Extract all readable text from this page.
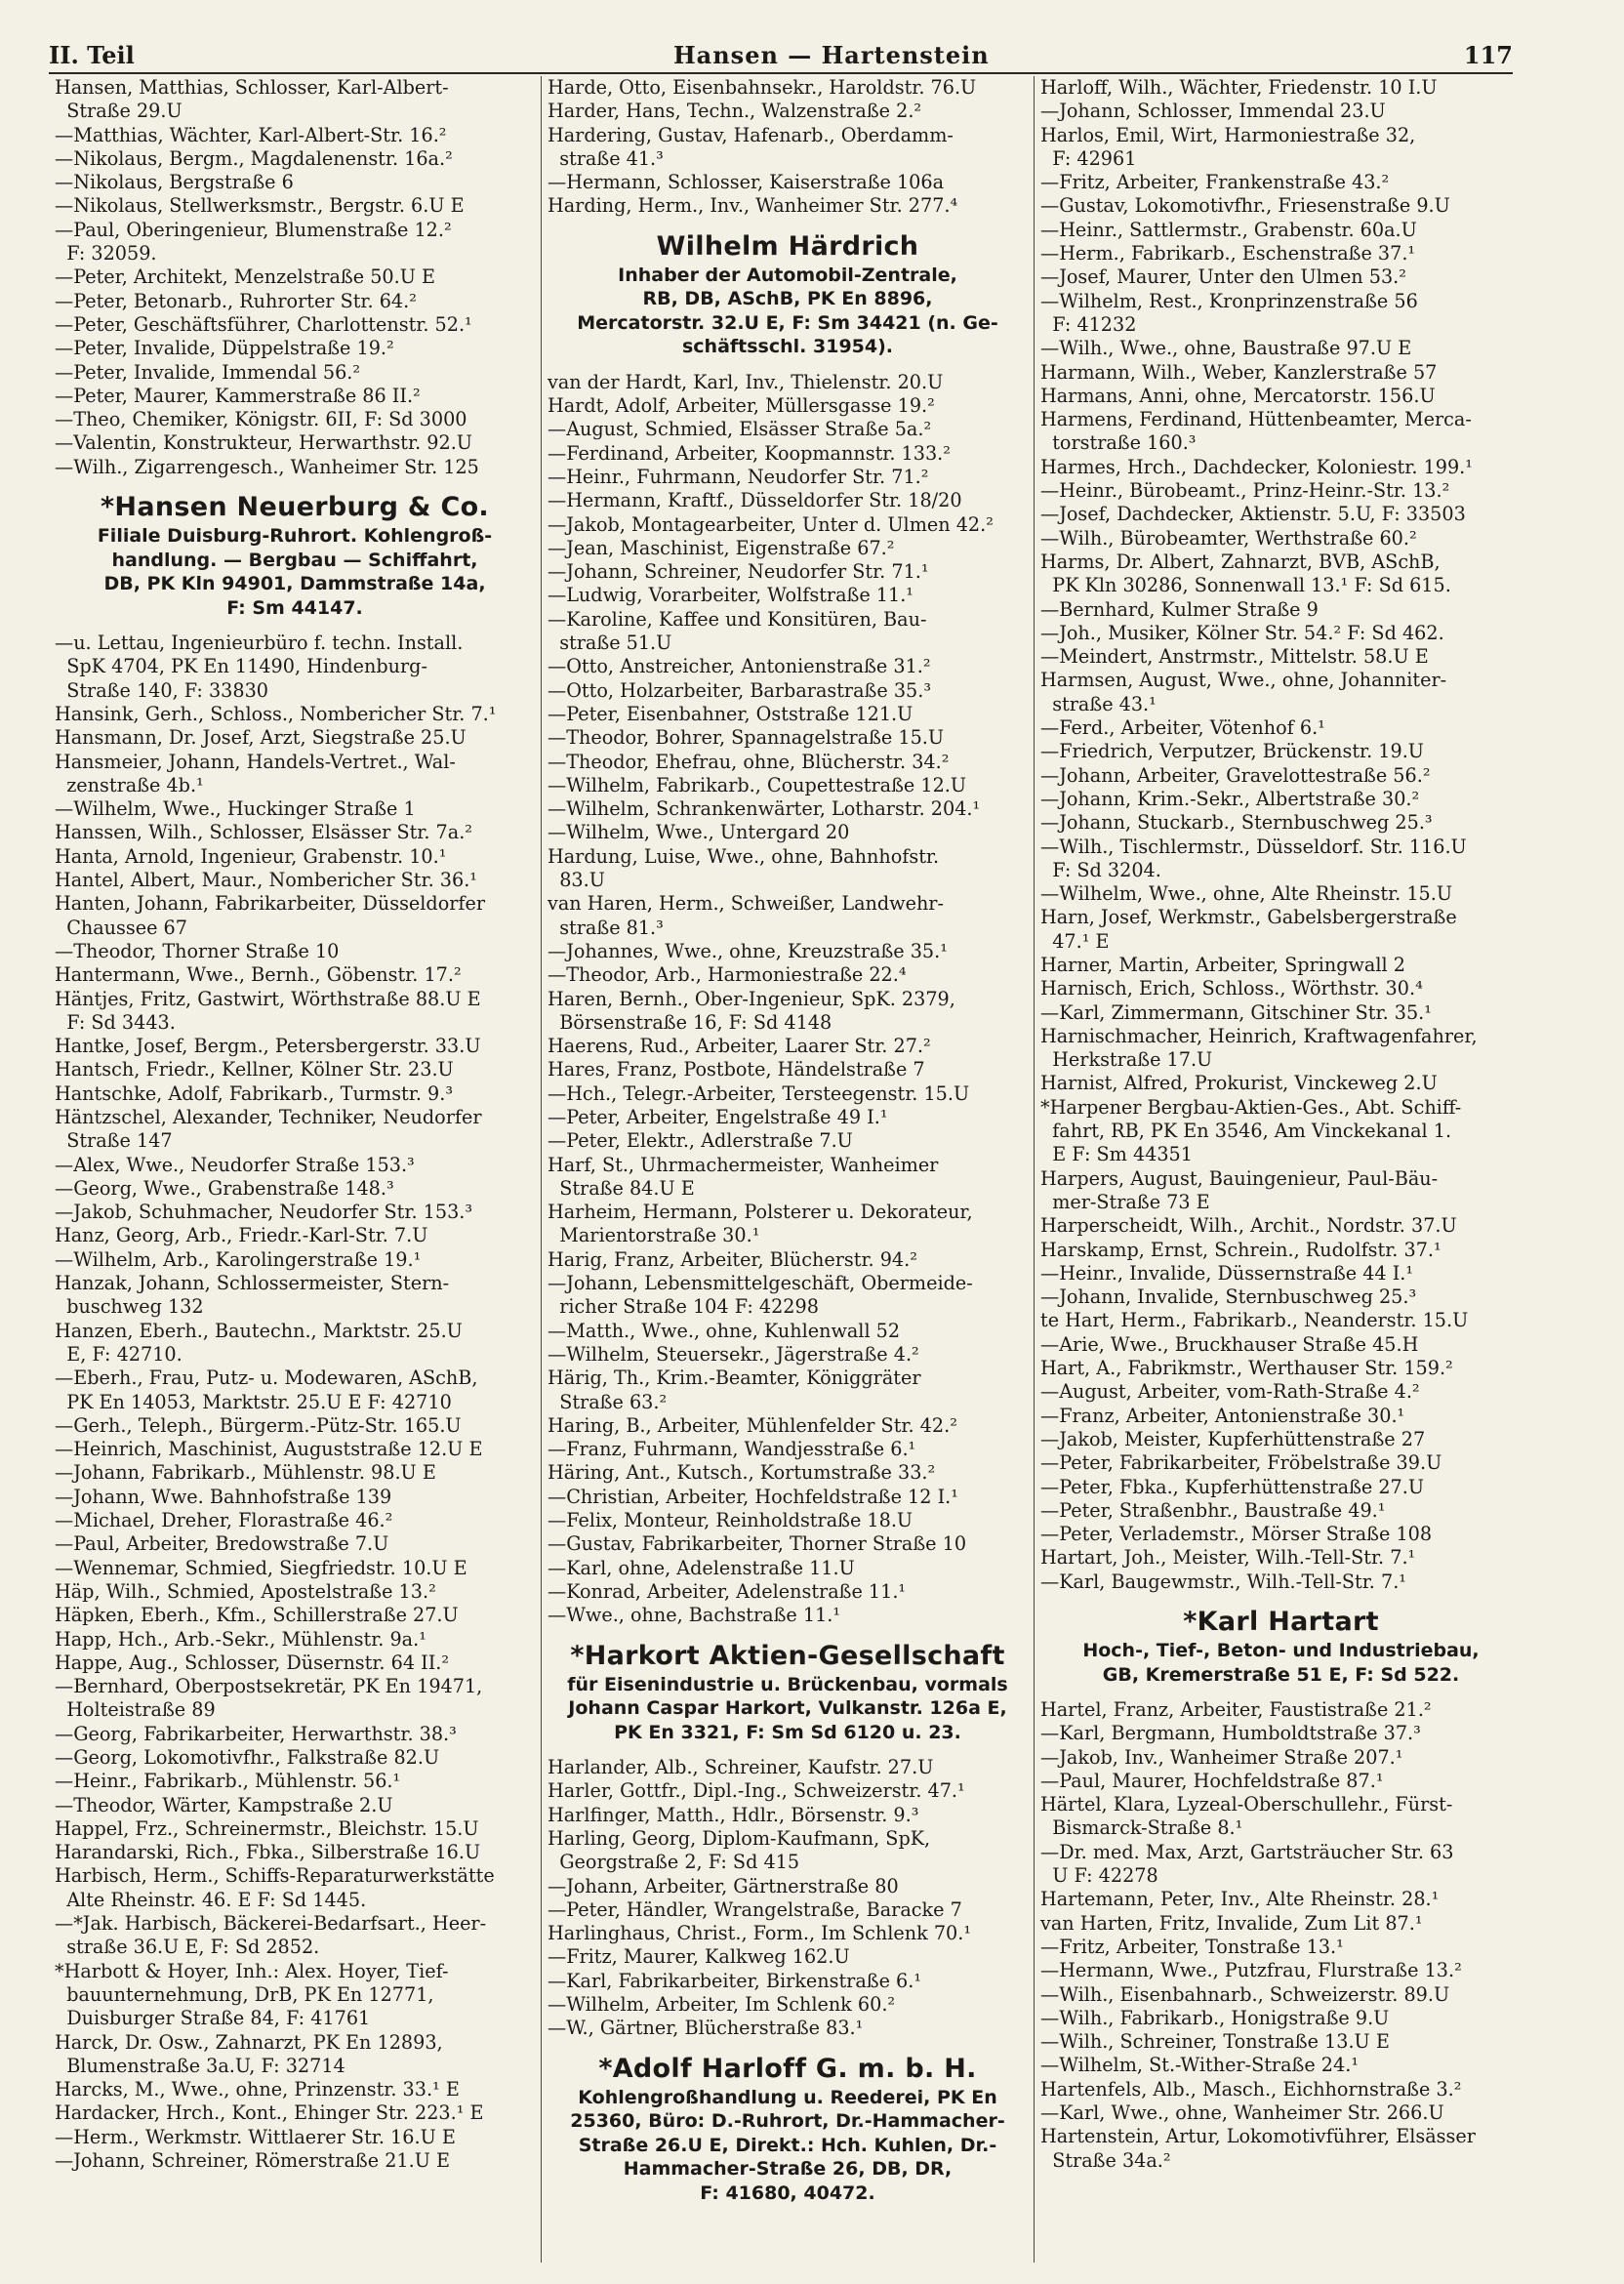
II. Teil	Hansen — Hartenstein	117
Hansen, Matthias, Schlosser, Karl-Albert-
Straße 29.U
—Matthias, Wächter, Karl-Albert-Str. 16.²
—Nikolaus, Bergm., Magdalenenstr. 16a.²
—Nikolaus, Bergstraße 6
—Nikolaus, Stellwerksmstr., Bergstr. 6.U E
—Paul, Oberingenieur, Blumenstraße 12.²
F: 32059.
—Peter, Architekt, Menzelstraße 50.U E
—Peter, Betonarb., Ruhrorter Str. 64.²
—Peter, Geschäftsführer, Charlottenstr. 52.¹
—Peter, Invalide, Düppelstraße 19.²
—Peter, Invalide, Immendal 56.²
—Peter, Maurer, Kammerstraße 86 II.²
—Theo, Chemiker, Königstr. 6II, F: Sd 3000
—Valentin, Konstrukteur, Herwarthstr. 92.U
—Wilh., Zigarrengesch., Wanheimer Str. 125
*Hansen Neuerburg & Co.
Filiale Duisburg-Ruhrort. Kohlengroß-
handlung. — Bergbau — Schiffahrt,
DB, PK Kln 94901, Dammstraße 14a,
F: Sm 44147.
—u. Lettau, Ingenieurbüro f. techn. Install.
SpK 4704, PK En 11490, Hindenburg-
Straße 140, F: 33830
Hansink, Gerh., Schloss., Nombericher Str. 7.¹
Hansmann, Dr. Josef, Arzt, Siegstraße 25.U
Hansmeier, Johann, Handels-Vertret., Wal-
zenstraße 4b.¹
—Wilhelm, Wwe., Huckinger Straße 1
Hanssen, Wilh., Schlosser, Elsässer Str. 7a.²
Hanta, Arnold, Ingenieur, Grabenstr. 10.¹
Hantel, Albert, Maur., Nombericher Str. 36.¹
Hanten, Johann, Fabrikarbeiter, Düsseldorfer
Chaussee 67
—Theodor, Thorner Straße 10
Hantermann, Wwe., Bernh., Göbenstr. 17.²
Häntjes, Fritz, Gastwirt, Wörthstraße 88.U E
F: Sd 3443.
Hantke, Josef, Bergm., Petersbergerstr. 33.U
Hantsch, Friedr., Kellner, Kölner Str. 23.U
Hantschke, Adolf, Fabrikarb., Turmstr. 9.³
Häntzschel, Alexander, Techniker, Neudorfer
Straße 147
—Alex, Wwe., Neudorfer Straße 153.³
—Georg, Wwe., Grabenstraße 148.³
—Jakob, Schuhmacher, Neudorfer Str. 153.³
Hanz, Georg, Arb., Friedr.-Karl-Str. 7.U
—Wilhelm, Arb., Karolingerstraße 19.¹
Hanzak, Johann, Schlossermeister, Stern-
buschweg 132
Hanzen, Eberh., Bautechn., Marktstr. 25.U
E, F: 42710.
—Eberh., Frau, Putz- u. Modewaren, ASchB,
PK En 14053, Marktstr. 25.U E F: 42710
—Gerh., Teleph., Bürgerm.-Pütz-Str. 165.U
—Heinrich, Maschinist, Auguststraße 12.U E
—Johann, Fabrikarb., Mühlenstr. 98.U E
—Johann, Wwe. Bahnhofstraße 139
—Michael, Dreher, Florastraße 46.²
—Paul, Arbeiter, Bredowstraße 7.U
—Wennemar, Schmied, Siegfriedstr. 10.U E
Häp, Wilh., Schmied, Apostelstraße 13.²
Häpken, Eberh., Kfm., Schillerstraße 27.U
Happ, Hch., Arb.-Sekr., Mühlenstr. 9a.¹
Happe, Aug., Schlosser, Düsernstr. 64 II.²
—Bernhard, Oberpostsekretär, PK En 19471,
Holteistraße 89
—Georg, Fabrikarbeiter, Herwarthstr. 38.³
—Georg, Lokomotivfhr., Falkstraße 82.U
—Heinr., Fabrikarb., Mühlenstr. 56.¹
—Theodor, Wärter, Kampstraße 2.U
Happel, Frz., Schreinermstr., Bleichstr. 15.U
Harandarski, Rich., Fbka., Silberstraße 16.U
Harbisch, Herm., Schiffs-Reparaturwerkstätte
Alte Rheinstr. 46. E F: Sd 1445.
—*Jak. Harbisch, Bäckerei-Bedarfsart., Heer-
straße 36.U E, F: Sd 2852.
*Harbott & Hoyer, Inh.: Alex. Hoyer, Tief-
bauunternehmung, DrB, PK En 12771,
Duisburger Straße 84, F: 41761
Harck, Dr. Osw., Zahnarzt, PK En 12893,
Blumenstraße 3a.U, F: 32714
Harcks, M., Wwe., ohne, Prinzenstr. 33.¹ E
Hardacker, Hrch., Kont., Ehinger Str. 223.¹ E
—Herm., Werkmstr. Wittlaerer Str. 16.U E
—Johann, Schreiner, Römerstraße 21.U E
Harde, Otto, Eisenbahnsekr., Haroldstr. 76.U
Harder, Hans, Techn., Walzenstraße 2.²
Hardering, Gustav, Hafenarb., Oberdamm-
straße 41.³
—Hermann, Schlosser, Kaiserstraße 106a
Harding, Herm., Inv., Wanheimer Str. 277.⁴
Wilhelm Härdrich
Inhaber der Automobil-Zentrale,
RB, DB, ASchB, PK En 8896,
Mercatorstr. 32.U E, F: Sm 34421 (n. Ge-
schäftsschl. 31954).
van der Hardt, Karl, Inv., Thielenstr. 20.U
Hardt, Adolf, Arbeiter, Müllersgasse 19.²
—August, Schmied, Elsässer Straße 5a.²
—Ferdinand, Arbeiter, Koopmannstr. 133.²
—Heinr., Fuhrmann, Neudorfer Str. 71.²
—Hermann, Kraftf., Düsseldorfer Str. 18/20
—Jakob, Montagearbeiter, Unter d. Ulmen 42.²
—Jean, Maschinist, Eigenstraße 67.²
—Johann, Schreiner, Neudorfer Str. 71.¹
—Ludwig, Vorarbeiter, Wolfstraße 11.¹
—Karoline, Kaffee und Konsitüren, Bau-
straße 51.U
—Otto, Anstreicher, Antonienstraße 31.²
—Otto, Holzarbeiter, Barbarastraße 35.³
—Peter, Eisenbahner, Oststraße 121.U
—Theodor, Bohrer, Spannagelstraße 15.U
—Theodor, Ehefrau, ohne, Blücherstr. 34.²
—Wilhelm, Fabrikarb., Coupettestraße 12.U
—Wilhelm, Schrankenwärter, Lotharstr. 204.¹
—Wilhelm, Wwe., Untergard 20
Hardung, Luise, Wwe., ohne, Bahnhofstr.
83.U
van Haren, Herm., Schweißer, Landwehr-
straße 81.³
—Johannes, Wwe., ohne, Kreuzstraße 35.¹
—Theodor, Arb., Harmoniestraße 22.⁴
Haren, Bernh., Ober-Ingenieur, SpK. 2379,
Börsenstraße 16, F: Sd 4148
Haerens, Rud., Arbeiter, Laarer Str. 27.²
Hares, Franz, Postbote, Händelstraße 7
—Hch., Telegr.-Arbeiter, Tersteegenstr. 15.U
—Peter, Arbeiter, Engelstraße 49 I.¹
—Peter, Elektr., Adlerstraße 7.U
Harf, St., Uhrmachermeister, Wanheimer
Straße 84.U E
Harheim, Hermann, Polsterer u. Dekorateur,
Marientorstraße 30.¹
Harig, Franz, Arbeiter, Blücherstr. 94.²
—Johann, Lebensmittelgeschäft, Obermeide-
richer Straße 104 F: 42298
—Matth., Wwe., ohne, Kuhlenwall 52
—Wilhelm, Steuersekr., Jägerstraße 4.²
Härig, Th., Krim.-Beamter, Königgräter
Straße 63.²
Haring, B., Arbeiter, Mühlenfelder Str. 42.²
—Franz, Fuhrmann, Wandjesstraße 6.¹
Häring, Ant., Kutsch., Kortumstraße 33.²
—Christian, Arbeiter, Hochfeldstraße 12 I.¹
—Felix, Monteur, Reinholdstraße 18.U
—Gustav, Fabrikarbeiter, Thorner Straße 10
—Karl, ohne, Adelenstraße 11.U
—Konrad, Arbeiter, Adelenstraße 11.¹
—Wwe., ohne, Bachstraße 11.¹
*Harkort Aktien-Gesellschaft
für Eisenindustrie u. Brückenbau, vormals
Johann Caspar Harkort, Vulkanstr. 126a E,
PK En 3321, F: Sm Sd 6120 u. 23.
Harlander, Alb., Schreiner, Kaufstr. 27.U
Harler, Gottfr., Dipl.-Ing., Schweizerstr. 47.¹
Harlfinger, Matth., Hdlr., Börsenstr. 9.³
Harling, Georg, Diplom-Kaufmann, SpK,
Georgstraße 2, F: Sd 415
—Johann, Arbeiter, Gärtnerstraße 80
—Peter, Händler, Wrangelstraße, Baracke 7
Harlinghaus, Christ., Form., Im Schlenk 70.¹
—Fritz, Maurer, Kalkweg 162.U
—Karl, Fabrikarbeiter, Birkenstraße 6.¹
—Wilhelm, Arbeiter, Im Schlenk 60.²
—W., Gärtner, Blücherstraße 83.¹
*Adolf Harloff G. m. b. H.
Kohlengroßhandlung u. Reederei, PK En
25360, Büro: D.-Ruhrort, Dr.-Hammacher-
Straße 26.U E, Direkt.: Hch. Kuhlen, Dr.-
Hammacher-Straße 26, DB, DR,
F: 41680, 40472.
Harloff, Wilh., Wächter, Friedenstr. 10 I.U
—Johann, Schlosser, Immendal 23.U
Harlos, Emil, Wirt, Harmoniestraße 32,
F: 42961
—Fritz, Arbeiter, Frankenstraße 43.²
—Gustav, Lokomotivfhr., Friesenstraße 9.U
—Heinr., Sattlermstr., Grabenstr. 60a.U
—Herm., Fabrikarb., Eschenstraße 37.¹
—Josef, Maurer, Unter den Ulmen 53.²
—Wilhelm, Rest., Kronprinzenstraße 56
F: 41232
—Wilh., Wwe., ohne, Baustraße 97.U E
Harmann, Wilh., Weber, Kanzlerstraße 57
Harmans, Anni, ohne, Mercatorstr. 156.U
Harmens, Ferdinand, Hüttenbeamter, Merca-
torstraße 160.³
Harmes, Hrch., Dachdecker, Koloniestr. 199.¹
—Heinr., Bürobeamt., Prinz-Heinr.-Str. 13.²
—Josef, Dachdecker, Aktienstr. 5.U, F: 33503
—Wilh., Bürobeamter, Werthstraße 60.²
Harms, Dr. Albert, Zahnarzt, BVB, ASchB,
PK Kln 30286, Sonnenwall 13.¹ F: Sd 615.
—Bernhard, Kulmer Straße 9
—Joh., Musiker, Kölner Str. 54.² F: Sd 462.
—Meindert, Anstrmstr., Mittelstr. 58.U E
Harmsen, August, Wwe., ohne, Johanniter-
straße 43.¹
—Ferd., Arbeiter, Vötenhof 6.¹
—Friedrich, Verputzer, Brückenstr. 19.U
—Johann, Arbeiter, Gravelottestraße 56.²
—Johann, Krim.-Sekr., Albertstraße 30.²
—Johann, Stuckarb., Sternbuschweg 25.³
—Wilh., Tischlermstr., Düsseldorf. Str. 116.U
F: Sd 3204.
—Wilhelm, Wwe., ohne, Alte Rheinstr. 15.U
Harn, Josef, Werkmstr., Gabelsbergerstraße
47.¹ E
Harner, Martin, Arbeiter, Springwall 2
Harnisch, Erich, Schloss., Wörthstr. 30.⁴
—Karl, Zimmermann, Gitschiner Str. 35.¹
Harnischmacher, Heinrich, Kraftwagenfahrer,
Herkstraße 17.U
Harnist, Alfred, Prokurist, Vinckeweg 2.U
*Harpener Bergbau-Aktien-Ges., Abt. Schiff-
fahrt, RB, PK En 3546, Am Vinckekanal 1.
E F: Sm 44351
Harpers, August, Bauingenieur, Paul-Bäu-
mer-Straße 73 E
Harperscheidt, Wilh., Archit., Nordstr. 37.U
Harskamp, Ernst, Schrein., Rudolfstr. 37.¹
—Heinr., Invalide, Düssernstraße 44 I.¹
—Johann, Invalide, Sternbuschweg 25.³
te Hart, Herm., Fabrikarb., Neanderstr. 15.U
—Arie, Wwe., Bruckhauser Straße 45.H
Hart, A., Fabrikmstr., Werthauser Str. 159.²
—August, Arbeiter, vom-Rath-Straße 4.²
—Franz, Arbeiter, Antonienstraße 30.¹
—Jakob, Meister, Kupferhüttenstraße 27
—Peter, Fabrikarbeiter, Fröbelstraße 39.U
—Peter, Fbka., Kupferhüttenstraße 27.U
—Peter, Straßenbhr., Baustraße 49.¹
—Peter, Verlademstr., Mörser Straße 108
Hartart, Joh., Meister, Wilh.-Tell-Str. 7.¹
—Karl, Baugewmstr., Wilh.-Tell-Str. 7.¹
*Karl Hartart
Hoch-, Tief-, Beton- und Industriebau,
GB, Kremerstraße 51 E, F: Sd 522.
Hartel, Franz, Arbeiter, Faustistraße 21.²
—Karl, Bergmann, Humboldtstraße 37.³
—Jakob, Inv., Wanheimer Straße 207.¹
—Paul, Maurer, Hochfeldstraße 87.¹
Härtel, Klara, Lyzeal-Oberschullehr., Fürst-
Bismarck-Straße 8.¹
—Dr. med. Max, Arzt, Gartsträucher Str. 63
U F: 42278
Hartemann, Peter, Inv., Alte Rheinstr. 28.¹
van Harten, Fritz, Invalide, Zum Lit 87.¹
—Fritz, Arbeiter, Tonstraße 13.¹
—Hermann, Wwe., Putzfrau, Flurstraße 13.²
—Wilh., Eisenbahnarb., Schweizerstr. 89.U
—Wilh., Fabrikarb., Honigstraße 9.U
—Wilh., Schreiner, Tonstraße 13.U E
—Wilhelm, St.-Wither-Straße 24.¹
Hartenfels, Alb., Masch., Eichhornstraße 3.²
—Karl, Wwe., ohne, Wanheimer Str. 266.U
Hartenstein, Artur, Lokomotivführer, Elsässer
Straße 34a.²
